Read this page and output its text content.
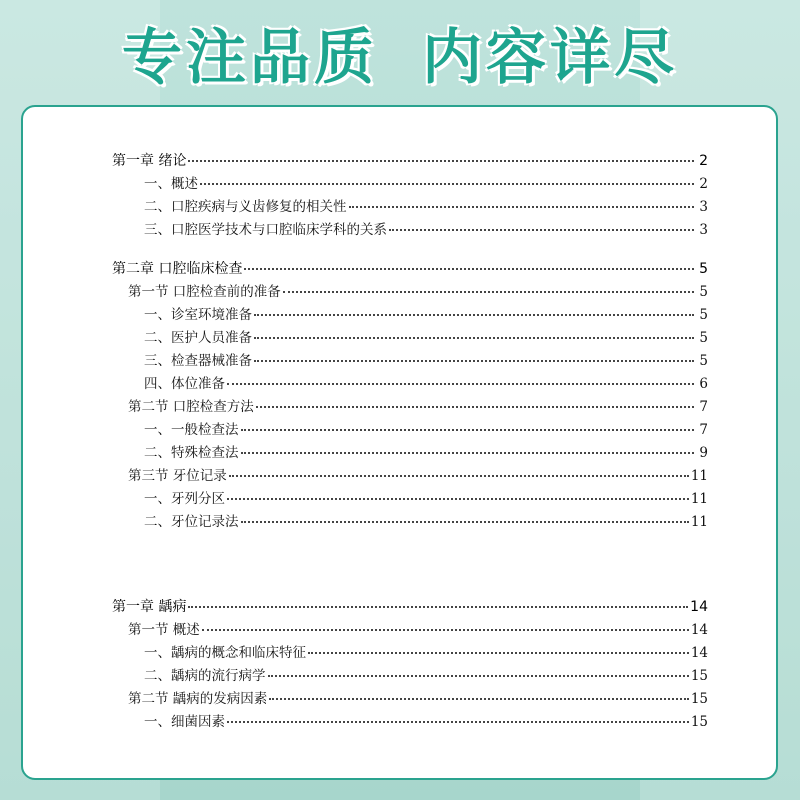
专注品质 内容详尽
第一章 绪论	2
一、概述	2
二、口腔疾病与义齿修复的相关性	3
三、口腔医学技术与口腔临床学科的关系	3
第二章 口腔临床检查	5
第一节 口腔检查前的准备	5
一、诊室环境准备	5
二、医护人员准备	5
三、检查器械准备	5
四、体位准备	6
第二节 口腔检查方法	7
一、一般检查法	7
二、特殊检查法	9
第三节 牙位记录	11
一、牙列分区	11
二、牙位记录法	11
第一章 龋病	14
第一节 概述	14
一、龋病的概念和临床特征	14
二、龋病的流行病学	15
第二节 龋病的发病因素	15
一、细菌因素	15
